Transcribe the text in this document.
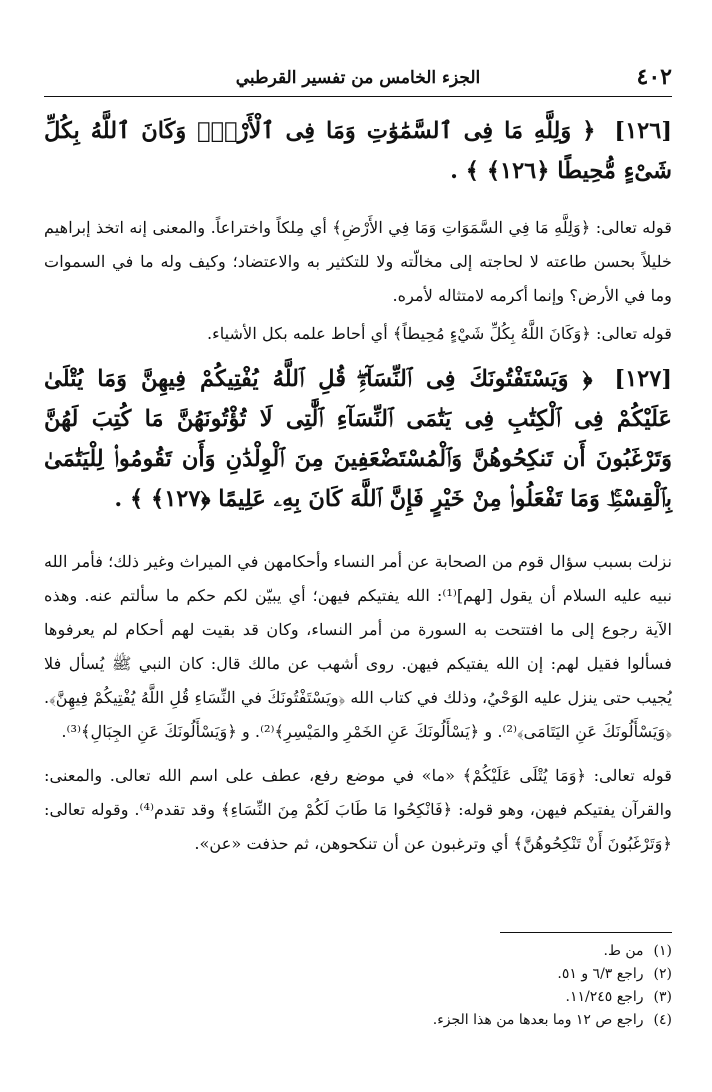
٤٠٢
الجزء الخامس من تفسير القرطبي

[١٢٦] ﴿ وَلِلَّهِ مَا فِى ٱلسَّمَٰوَٰتِ وَمَا فِى ٱلْأَرْضِۚ وَكَانَ ٱللَّهُ بِكُلِّ شَىْءٍ مُّحِيطًا ﴿١٢٦﴾ ﴾ .

قوله تعالى: ﴿وَلِلَّهِ مَا فِي السَّمَوَاتِ وَمَا فِي الأَرْضِ﴾ أي مِلكاً واختراعاً. والمعنى إنه اتخذ إبراهيم خليلاً بحسن طاعته لا لحاجته إلى مخالّته ولا للتكثير به والاعتضاد؛ وكيف وله ما في السموات وما في الأرض؟ وإنما أكرمه لامتثاله لأمره.

قوله تعالى: ﴿وَكَانَ اللَّهُ بِكُلِّ شَيْءٍ مُحِيطاً﴾ أي أحاط علمه بكل الأشياء.

[١٢٧] ﴿ وَيَسْتَفْتُونَكَ فِى ٱلنِّسَآءِۖ قُلِ ٱللَّهُ يُفْتِيكُمْ فِيهِنَّ وَمَا يُتْلَىٰ عَلَيْكُمْ فِى ٱلْكِتَٰبِ فِى يَتَٰمَى ٱلنِّسَآءِ ٱلَّٰتِى لَا تُؤْتُونَهُنَّ مَا كُتِبَ لَهُنَّ وَتَرْغَبُونَ أَن تَنكِحُوهُنَّ وَٱلْمُسْتَضْعَفِينَ مِنَ ٱلْوِلْدَٰنِ وَأَن تَقُومُوا۟ لِلْيَتَٰمَىٰ بِٱلْقِسْطِۚ وَمَا تَفْعَلُوا۟ مِنْ خَيْرٍ فَإِنَّ ٱللَّهَ كَانَ بِهِۦ عَلِيمًا ﴿١٢٧﴾ ﴾ .

نزلت بسبب سؤال قوم من الصحابة عن أمر النساء وأحكامهن في الميراث وغير ذلك؛ فأمر الله نبيه عليه السلام أن يقول [لهم]⁽¹⁾: الله يفتيكم فيهن؛ أي يبيّن لكم حكم ما سألتم عنه. وهذه الآية رجوع إلى ما افتتحت به السورة من أمر النساء، وكان قد بقيت لهم أحكام لم يعرفوها فسألوا فقيل لهم: إن الله يفتيكم فيهن. روى أشهب عن مالك قال: كان النبي ﷺ يُسأل فلا يُجيب حتى ينزل عليه الوَحْيُ، وذلك في كتاب الله ﴿ويَسْتَفْتُونَكَ في النِّسَاءِ قُلِ اللَّهُ يُفْتِيكُمْ فِيهِنَّ﴾. ﴿وَيَسْأَلُونَكَ عَنِ اليَتَامَى﴾⁽²⁾. و ﴿يَسْأَلُونَكَ عَنِ الخَمْرِ والمَيْسِرِ﴾⁽²⁾. و ﴿وَيَسْأَلُونَكَ عَنِ الجِبَالِ﴾⁽³⁾.

قوله تعالى: ﴿وَمَا يُتْلَى عَلَيْكُمْ﴾ «ما» في موضع رفع، عطف على اسم الله تعالى. والمعنى: والقرآن يفتيكم فيهن، وهو قوله: ﴿فَانْكِحُوا مَا طَابَ لَكُمْ مِنَ النِّسَاءِ﴾ وقد تقدم⁽⁴⁾. وقوله تعالى: ﴿وَتَرْغَبُونَ أَنْ تَنْكِحُوهُنَّ﴾ أي وترغبون عن أن تنكحوهن، ثم حذفت «عن».

(١) من ط.
(٢) راجع ٣/‏٦ و ٥١.
(٣) راجع ٢٤٥/‏١١.
(٤) راجع ص ١٢ وما بعدها من هذا الجزء.
